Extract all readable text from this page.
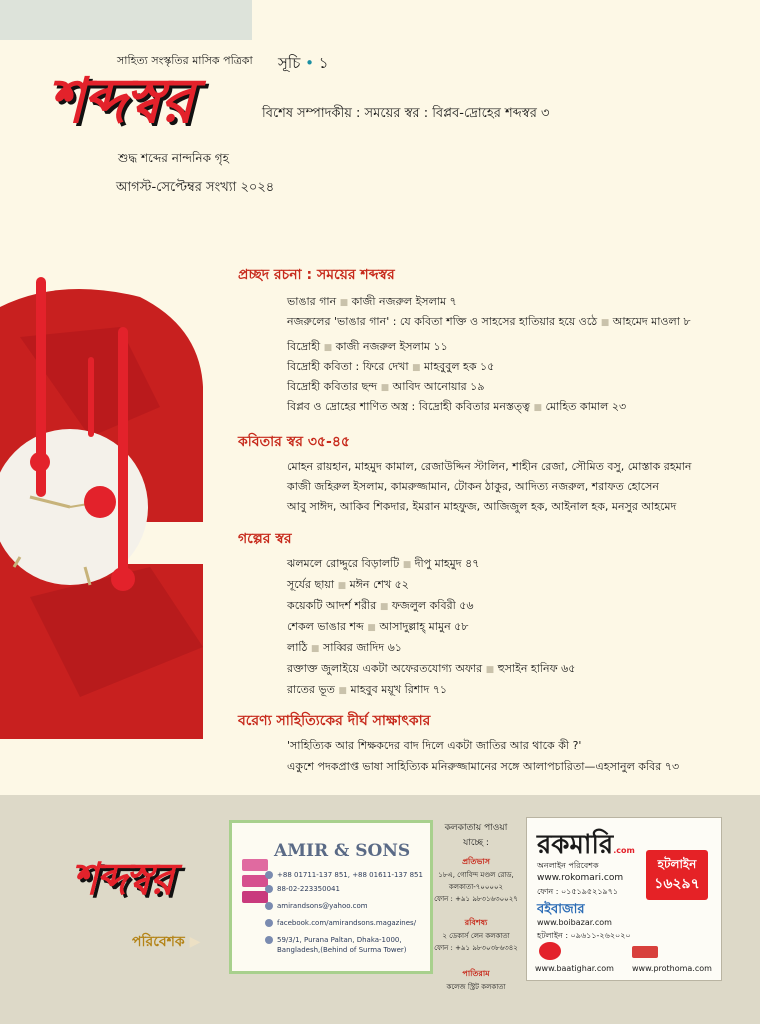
সাহিত্য সংস্কৃতির মাসিক পত্রিকা
শব্দস্বর
শুদ্ধ শব্দের নান্দনিক গৃহ
আগস্ট-সেপ্টেম্বর সংখ্যা ২০২৪
সূচি • ১
বিশেষ সম্পাদকীয় : সময়ের স্বর : বিপ্লব-দ্রোহের শব্দস্বর ৩
প্রচ্ছদ রচনা : সময়ের শব্দস্বর
ভাঙার গান ■ কাজী নজরুল ইসলাম ৭
নজরুলের 'ভাঙার গান' : যে কবিতা শক্তি ও সাহসের হাতিয়ার হয়ে ওঠে ■ আহমেদ মাওলা ৮
বিদ্রোহী ■ কাজী নজরুল ইসলাম ১১
বিদ্রোহী কবিতা : ফিরে দেখা ■ মাহবুবুল হক ১৫
বিদ্রোহী কবিতার ছন্দ ■ আবিদ আনোয়ার ১৯
বিপ্লব ও দ্রোহের শাণিত অস্ত্র : বিদ্রোহী কবিতার মনস্তত্ত্ব ■ মোহিত কামাল ২৩
কবিতার স্বর ৩৫-৪৫
মোহন রায়হান, মাহমুদ কামাল, রেজাউদ্দিন স্টালিন, শাহীন রেজা, সৌমিত বসু, মোস্তাক রহমান
কাজী জহিরুল ইসলাম, কামরুজ্জামান, টোকন ঠাকুর, আদিত্য নজরুল, শরাফত হোসেন
আবু সাঈদ, আকিব শিকদার, ইমরান মাহফুজ, আজিজুল হক, আইনাল হক, মনসুর আহমেদ
গল্পের স্বর
ঝলমলে রোদ্দুরে বিড়ালটি ■ দীপু মাহমুদ ৪৭
সূর্যের ছায়া ■ মঈন শেখ ৫২
কয়েকটি আদর্শ শরীর ■ ফজলুল কবিরী ৫৬
শেকল ভাঙার শব্দ ■ আসাদুল্লাহ্ মামুন ৫৮
লাঠি ■ সাব্বির জাদিদ ৬১
রক্তাক্ত জুলাইয়ে একটা অফেরতযোগ্য অফার ■ হুসাইন হানিফ ৬৫
রাতের ভূত ■ মাহবুব ময়ূখ রিশাদ ৭১
বরেণ্য সাহিত্যিকের দীর্ঘ সাক্ষাৎকার
'সাহিত্যিক আর শিক্ষকদের বাদ দিলে একটা জাতির আর থাকে কী ?'
একুশে পদকপ্রাপ্ত ভাষা সাহিত্যিক মনিরুজ্জামানের সঙ্গে আলাপচারিতা—এহসানুল কবির ৭৩
শব্দস্বর
পরিবেশক ▶
AMIR & SONS
+88 01711-137 851, +88 01611-137 851
88-02-223350041
amirandsons@yahoo.com
facebook.com/amirandsons.magazines/
59/3/1, Purana Paltan, Dhaka-1000,
Bangladesh,(Behind of Surma Tower)
কলকাতায় পাওয়া যাচ্ছে :
প্রতিভাস
১৮এ, গোবিন্দ মণ্ডল রোড, কলকাতা-৭০০০০২
ফোন : +৯১ ৯৮৩১৬৩০০২৭
রবিশষ্য
২ ডেকার্স লেন কলকাতা
ফোন : +৯১ ৯৮৩০৩৮৬৩৪২
পাতিরাম
কলেজ স্ট্রিট কলকাতা
রকমারি.com
অনলাইন পরিবেশক
www.rokomari.com
ফোন : ০১৫১৯৫২১৯৭১
বইবাজার
www.boibazar.com
হটলাইন : ০৯৬১১-২৬২০২০
www.baatighar.com www.prothoma.com
হটলাইন
১৬২৯৭
